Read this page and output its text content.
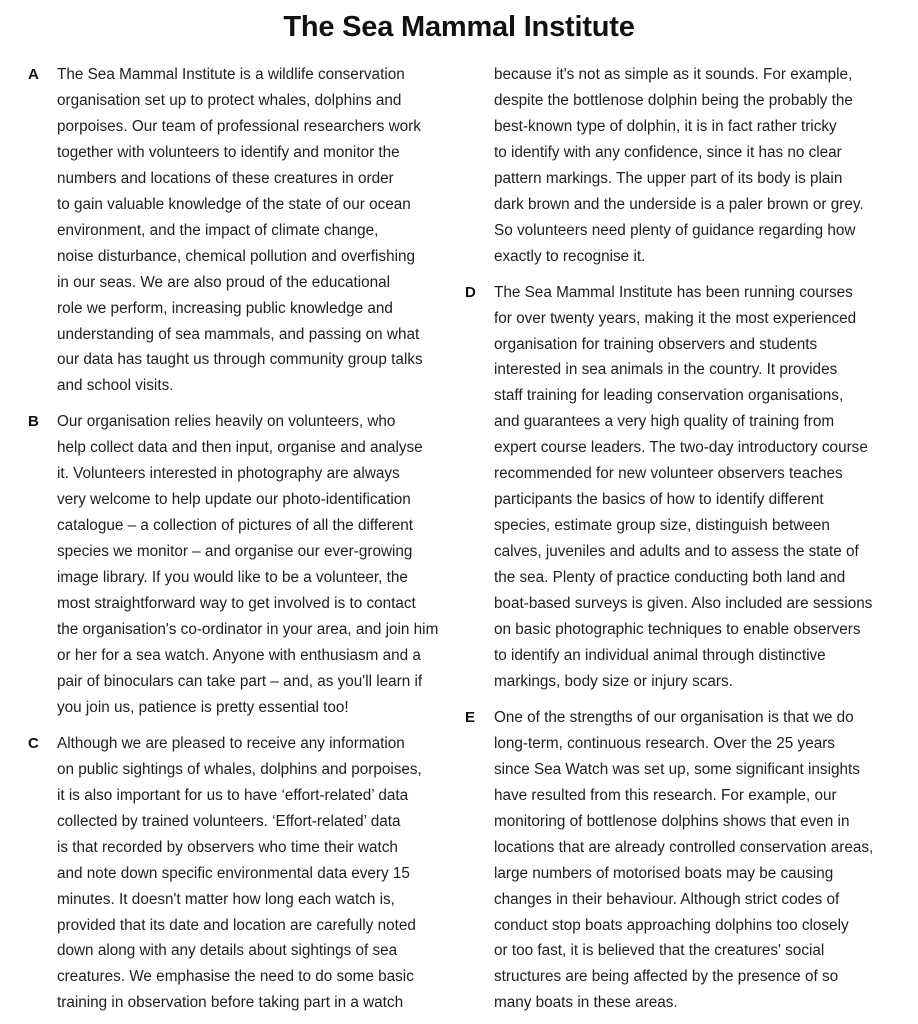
The Sea Mammal Institute
A The Sea Mammal Institute is a wildlife conservation
organisation set up to protect whales, dolphins and
porpoises. Our team of professional researchers work
together with volunteers to identify and monitor the
numbers and locations of these creatures in order
to gain valuable knowledge of the state of our ocean
environment, and the impact of climate change,
noise disturbance, chemical pollution and overfishing
in our seas. We are also proud of the educational
role we perform, increasing public knowledge and
understanding of sea mammals, and passing on what
our data has taught us through community group talks
and school visits.
B Our organisation relies heavily on volunteers, who
help collect data and then input, organise and analyse
it. Volunteers interested in photography are always
very welcome to help update our photo-identification
catalogue – a collection of pictures of all the different
species we monitor – and organise our ever-growing
image library. If you would like to be a volunteer, the
most straightforward way to get involved is to contact
the organisation's co-ordinator in your area, and join him
or her for a sea watch. Anyone with enthusiasm and a
pair of binoculars can take part – and, as you'll learn if
you join us, patience is pretty essential too!
C Although we are pleased to receive any information
on public sightings of whales, dolphins and porpoises,
it is also important for us to have ‘effort-related’ data
collected by trained volunteers. ‘Effort-related’ data
is that recorded by observers who time their watch
and note down specific environmental data every 15
minutes. It doesn't matter how long each watch is,
provided that its date and location are carefully noted
down along with any details about sightings of sea
creatures. We emphasise the need to do some basic
training in observation before taking part in a watch
because it's not as simple as it sounds. For example,
despite the bottlenose dolphin being the probably the
best-known type of dolphin, it is in fact rather tricky
to identify with any confidence, since it has no clear
pattern markings. The upper part of its body is plain
dark brown and the underside is a paler brown or grey.
So volunteers need plenty of guidance regarding how
exactly to recognise it.
D The Sea Mammal Institute has been running courses
for over twenty years, making it the most experienced
organisation for training observers and students
interested in sea animals in the country. It provides
staff training for leading conservation organisations,
and guarantees a very high quality of training from
expert course leaders. The two-day introductory course
recommended for new volunteer observers teaches
participants the basics of how to identify different
species, estimate group size, distinguish between
calves, juveniles and adults and to assess the state of
the sea. Plenty of practice conducting both land and
boat-based surveys is given. Also included are sessions
on basic photographic techniques to enable observers
to identify an individual animal through distinctive
markings, body size or injury scars.
E One of the strengths of our organisation is that we do
long-term, continuous research. Over the 25 years
since Sea Watch was set up, some significant insights
have resulted from this research. For example, our
monitoring of bottlenose dolphins shows that even in
locations that are already controlled conservation areas,
large numbers of motorised boats may be causing
changes in their behaviour. Although strict codes of
conduct stop boats approaching dolphins too closely
or too fast, it is believed that the creatures' social
structures are being affected by the presence of so
many boats in these areas.
